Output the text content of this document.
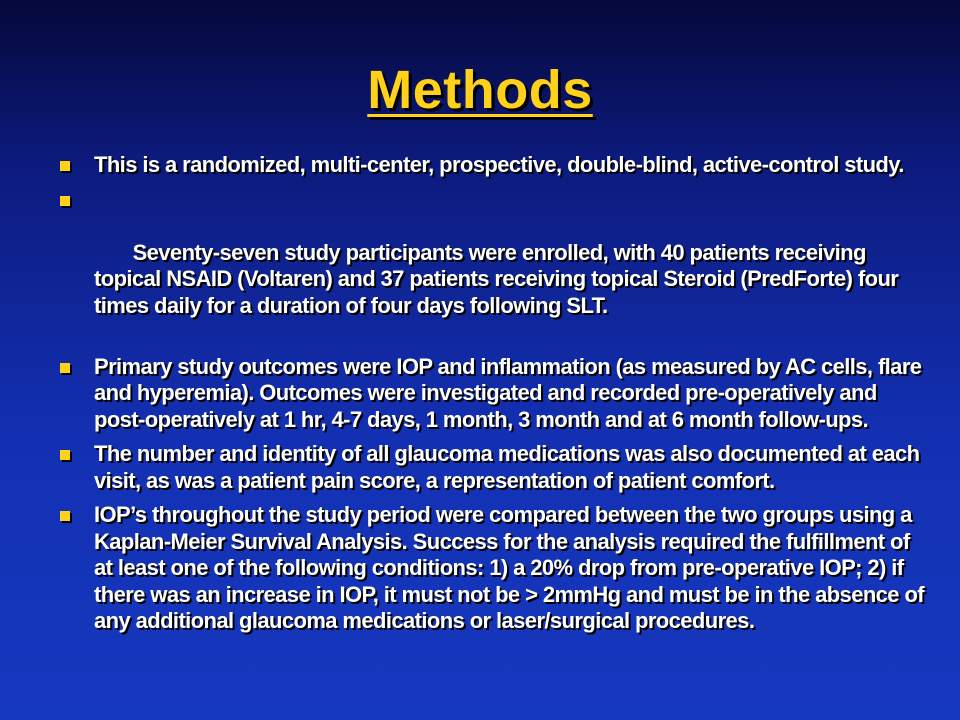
Methods
This is a randomized, multi-center, prospective, double-blind, active-control study.

Seventy-seven study participants were enrolled, with 40 patients receiving topical NSAID (Voltaren) and 37 patients receiving topical Steroid (PredForte) four times daily for a duration of four days following SLT.

Primary study outcomes were IOP and inflammation (as measured by AC cells, flare and hyperemia). Outcomes were investigated and recorded pre-operatively and post-operatively at 1 hr, 4-7 days, 1 month, 3 month and at 6 month follow-ups.
The number and identity of all glaucoma medications was also documented at each visit, as was a patient pain score, a representation of patient comfort.
IOP’s throughout the study period were compared between the two groups using a Kaplan-Meier Survival Analysis. Success for the analysis required the fulfillment of at least one of the following conditions: 1) a 20% drop from pre-operative IOP; 2) if there was an increase in IOP, it must not be > 2mmHg and must be in the absence of any additional glaucoma medications or laser/surgical procedures.
